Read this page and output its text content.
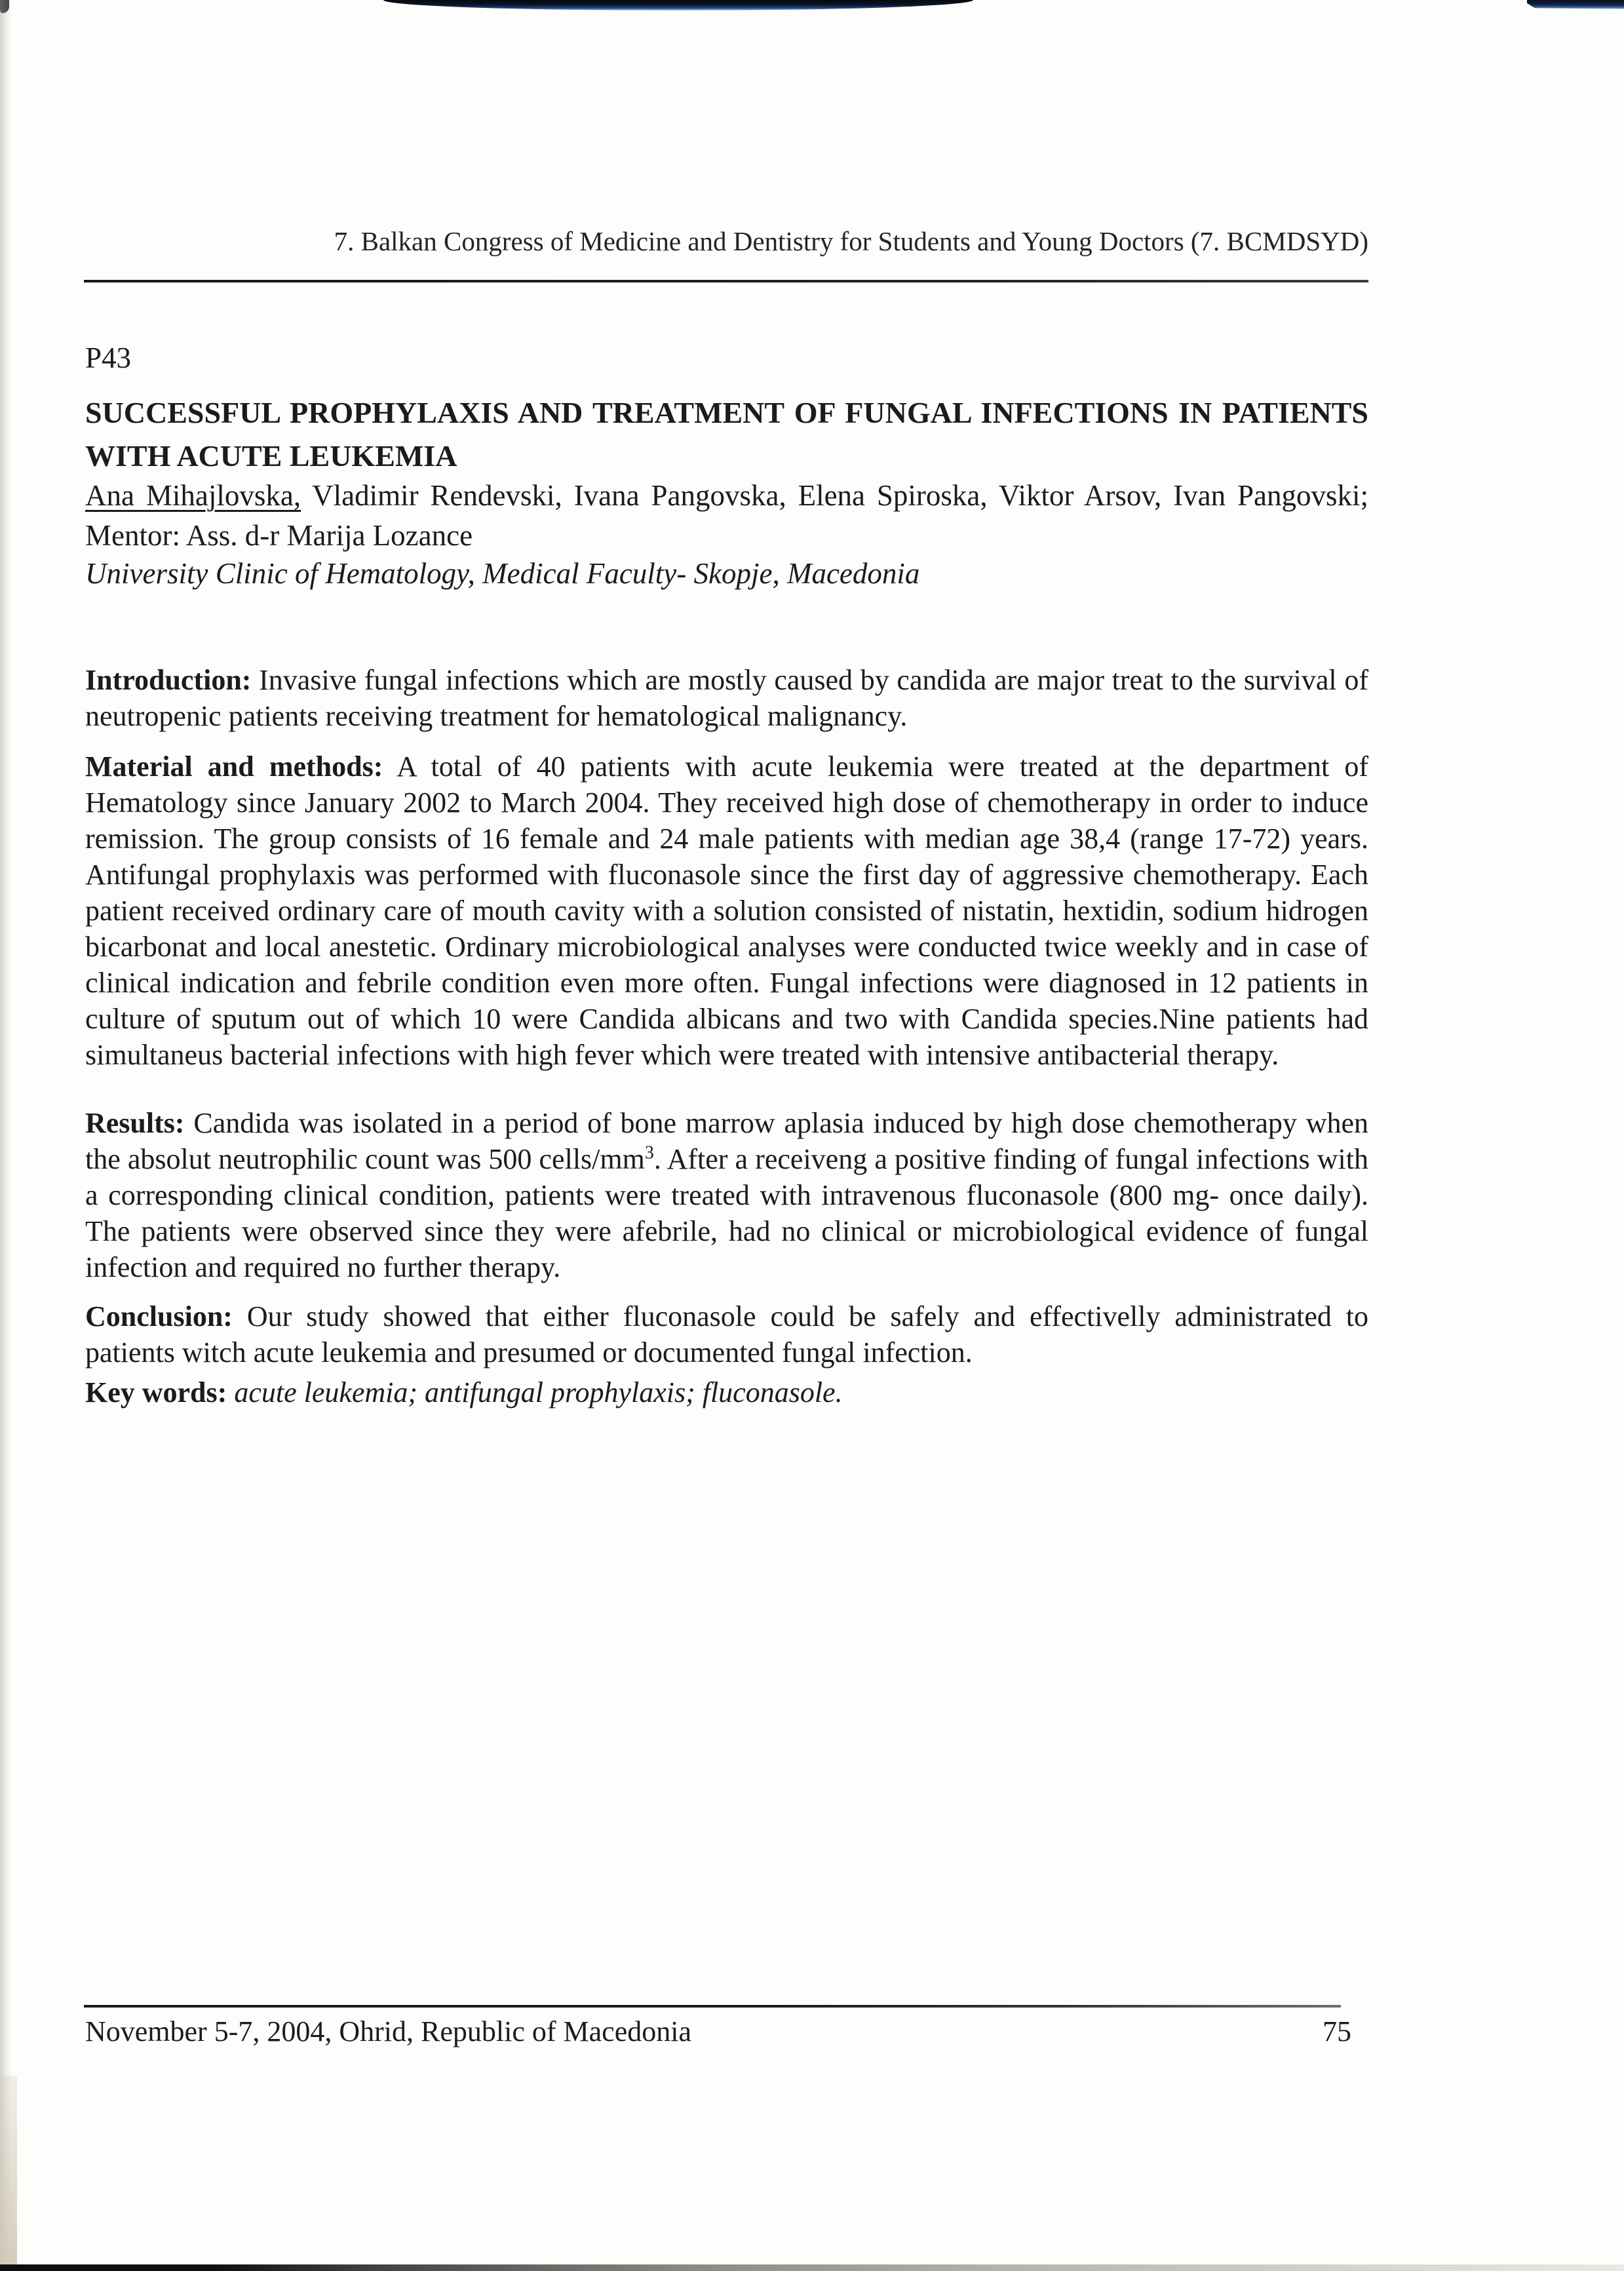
7. Balkan Congress of Medicine and Dentistry for Students and Young Doctors (7. BCMDSYD)
P43
SUCCESSFUL PROPHYLAXIS AND TREATMENT OF FUNGAL INFECTIONS IN PATIENTS WITH ACUTE LEUKEMIA
Ana Mihajlovska, Vladimir Rendevski, Ivana Pangovska, Elena Spiroska, Viktor Arsov, Ivan Pangovski; Mentor: Ass. d-r Marija Lozance
University Clinic of Hematology, Medical Faculty- Skopje, Macedonia

Introduction: Invasive fungal infections which are mostly caused by candida are major treat to the survival of neutropenic patients receiving treatment for hematological malignancy.

Material and methods: A total of 40 patients with acute leukemia were treated at the department of Hematology since January 2002 to March 2004. They received high dose of chemotherapy in order to induce remission. The group consists of 16 female and 24 male patients with median age 38,4 (range 17-72) years. Antifungal prophylaxis was performed with fluconasole since the first day of aggressive chemotherapy. Each patient received ordinary care of mouth cavity with a solution consisted of nistatin, hextidin, sodium hidrogen bicarbonat and local anestetic. Ordinary microbiological analyses were conducted twice weekly and in case of clinical indication and febrile condition even more often. Fungal infections were diagnosed in 12 patients in culture of sputum out of which 10 were Candida albicans and two with Candida species.Nine patients had simultaneus bacterial infections with high fever which were treated with intensive antibacterial therapy.

Results: Candida was isolated in a period of bone marrow aplasia induced by high dose chemotherapy when the absolut neutrophilic count was 500 cells/$mm^3$. After a receiveng a positive finding of fungal infections with a corresponding clinical condition, patients were treated with intravenous fluconasole (800 mg- once daily). The patients were observed since they were afebrile, had no clinical or microbiological evidence of fungal infection and required no further therapy.

Conclusion: Our study showed that either fluconasole could be safely and effectivelly administrated to patients witch acute leukemia and presumed or documented fungal infection.

Key words: acute leukemia; antifungal prophylaxis; fluconasole.

November 5-7, 2004, Ohrid, Republic of Macedonia	75
